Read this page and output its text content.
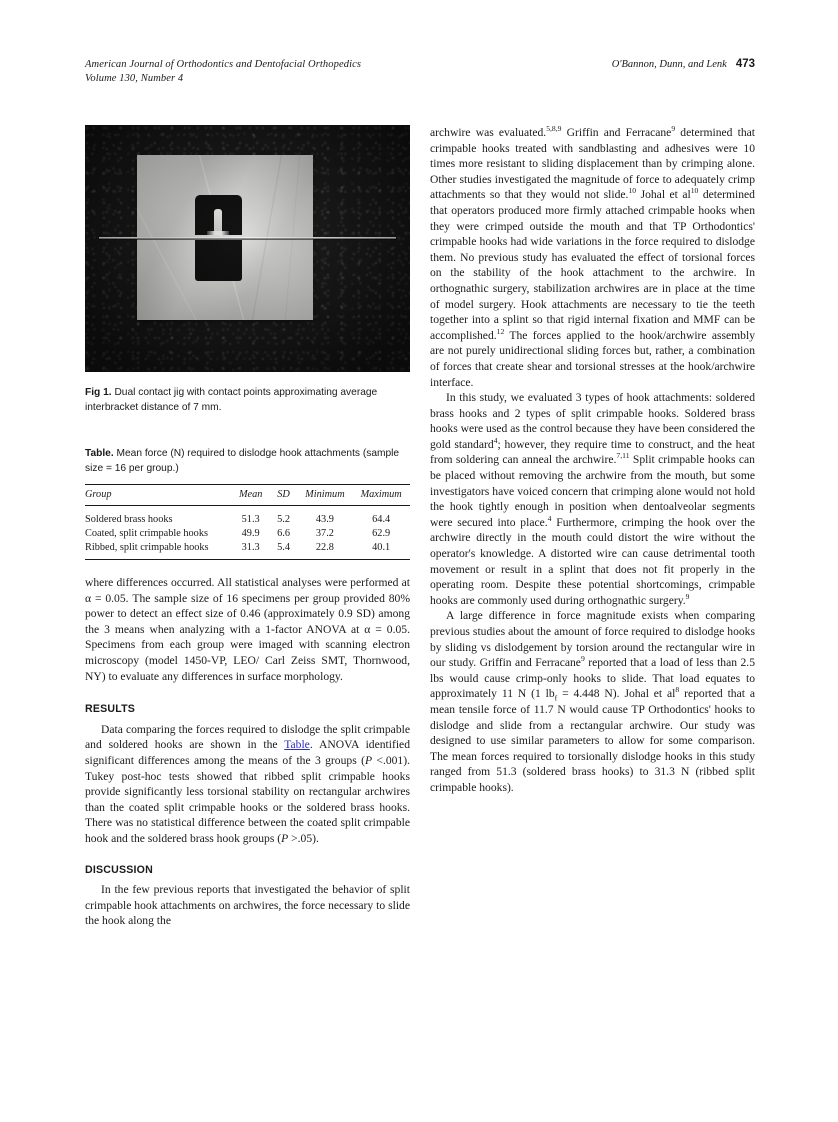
American Journal of Orthodontics and Dentofacial Orthopedics
Volume 130, Number 4
O'Bannon, Dunn, and Lenk 473
Fig 1. Dual contact jig with contact points approximating average interbracket distance of 7 mm.
Table. Mean force (N) required to dislodge hook attachments (sample size = 16 per group.)
Group	Mean	SD	Minimum	Maximum
Soldered brass hooks	51.3	5.2	43.9	64.4
Coated, split crimpable hooks	49.9	6.6	37.2	62.9
Ribbed, split crimpable hooks	31.3	5.4	22.8	40.1

where differences occurred. All statistical analyses were performed at α = 0.05. The sample size of 16 specimens per group provided 80% power to detect an effect size of 0.46 (approximately 0.9 SD) among the 3 means when analyzing with a 1-factor ANOVA at α = 0.05. Specimens from each group were imaged with scanning electron microscopy (model 1450-VP, LEO/ Carl Zeiss SMT, Thornwood, NY) to evaluate any differences in surface morphology.

RESULTS

Data comparing the forces required to dislodge the split crimpable and soldered hooks are shown in the Table. ANOVA identified significant differences among the means of the 3 groups (P <.001). Tukey post-hoc tests showed that ribbed split crimpable hooks provide significantly less torsional stability on rectangular archwires than the coated split crimpable hooks or the soldered brass hooks. There was no statistical difference between the coated split crimpable hook and the soldered brass hook groups (P >.05).

DISCUSSION

In the few previous reports that investigated the behavior of split crimpable hook attachments on archwires, the force necessary to slide the hook along the

archwire was evaluated.$^{5,8,9}$ Griffin and Ferracane$^9$ determined that crimpable hooks treated with sandblasting and adhesives were 10 times more resistant to sliding displacement than by crimping alone. Other studies investigated the magnitude of force to adequately crimp attachments so that they would not slide.$^{10}$ Johal et $al^{10}$ determined that operators produced more firmly attached crimpable hooks when they were crimped outside the mouth and that TP Orthodontics' crimpable hooks had wide variations in the force required to dislodge them. No previous study has evaluated the effect of torsional forces on the stability of the hook attachment to the archwire. In orthognathic surgery, stabilization archwires are in place at the time of model surgery. Hook attachments are necessary to tie the teeth together into a splint so that rigid internal fixation and MMF can be accomplished.$^{12}$ The forces applied to the hook/archwire assembly are not purely unidirectional sliding forces but, rather, a combination of forces that create shear and torsional stresses at the hook/archwire interface.

In this study, we evaluated 3 types of hook attachments: soldered brass hooks and 2 types of split crimpable hooks. Soldered brass hooks were used as the control because they have been considered the gold standard$^4$; however, they require time to construct, and the heat from soldering can anneal the archwire.$^{7,11}$ Split crimpable hooks can be placed without removing the archwire from the mouth, but some investigators have voiced concern that crimping alone would not hold the hook tightly enough in position when dentoalveolar segments were secured into place.$^4$ Furthermore, crimping the hook over the archwire directly in the mouth could distort the wire without the operator's knowledge. A distorted wire can cause detrimental tooth movement or result in a splint that does not fit properly in the operating room. Despite these potential shortcomings, crimpable hooks are commonly used during orthognathic surgery.$^9$

A large difference in force magnitude exists when comparing previous studies about the amount of force required to dislodge hooks by sliding vs dislodgement by torsion around the rectangular wire in our study. Griffin and Ferracane$^9$ reported that a load of less than 2.5 lbs would cause crimp-only hooks to slide. That load equates to approximately 11 N (1 $lb_f = 4.448$ N). Johal et $al^8$ reported that a mean tensile force of 11.7 N would cause TP Orthodontics' hooks to dislodge and slide from a rectangular archwire. Our study was designed to use similar parameters to allow for some comparison. The mean forces required to torsionally dislodge hooks in this study ranged from 51.3 (soldered brass hooks) to 31.3 N (ribbed split crimpable hooks).
